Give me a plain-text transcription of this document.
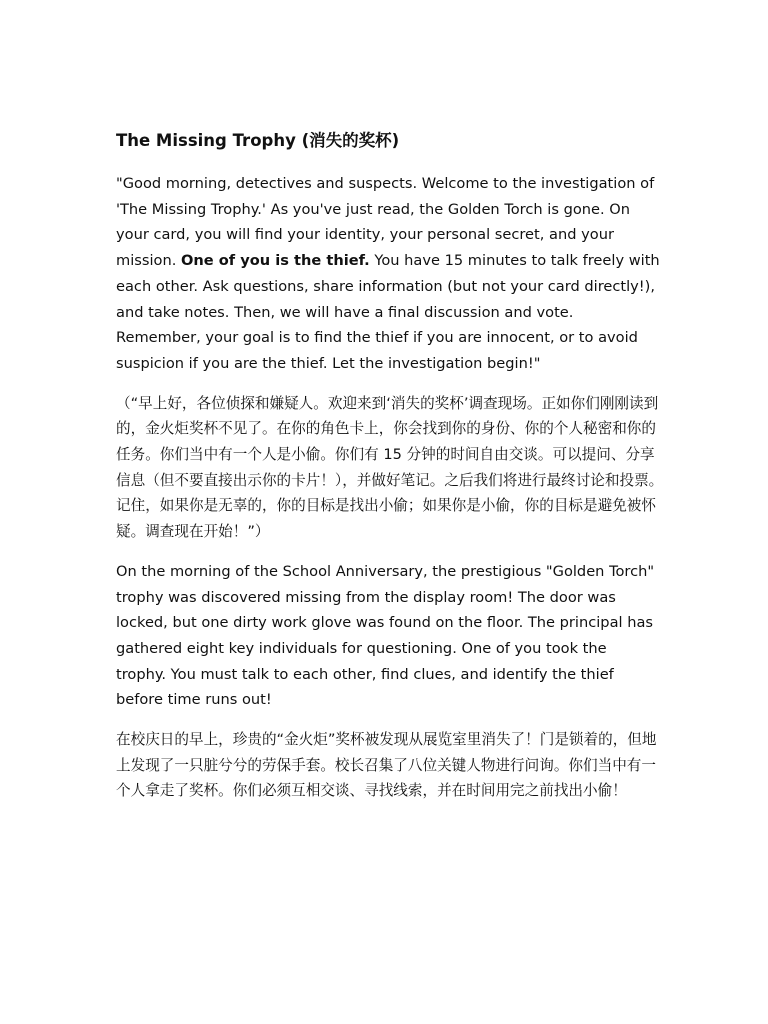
The Missing Trophy (消失的奖杯)

"Good morning, detectives and suspects. Welcome to the investigation of 'The Missing Trophy.' As you've just read, the Golden Torch is gone. On your card, you will find your identity, your personal secret, and your mission. One of you is the thief. You have 15 minutes to talk freely with each other. Ask questions, share information (but not your card directly!), and take notes. Then, we will have a final discussion and vote. Remember, your goal is to find the thief if you are innocent, or to avoid suspicion if you are the thief. Let the investigation begin!"

（“早上好，各位侦探和嫌疑人。欢迎来到‘消失的奖杯’调查现场。正如你们刚刚读到的，金火炬奖杯不见了。在你的角色卡上，你会找到你的身份、你的个人秘密和你的任务。你们当中有一个人是小偷。你们有 15 分钟的时间自由交谈。可以提问、分享信息（但不要直接出示你的卡片！），并做好笔记。之后我们将进行最终讨论和投票。记住，如果你是无辜的，你的目标是找出小偷；如果你是小偷，你的目标是避免被怀疑。调查现在开始！”）

On the morning of the School Anniversary, the prestigious "Golden Torch" trophy was discovered missing from the display room! The door was locked, but one dirty work glove was found on the floor. The principal has gathered eight key individuals for questioning. One of you took the trophy. You must talk to each other, find clues, and identify the thief before time runs out!

在校庆日的早上，珍贵的“金火炬”奖杯被发现从展览室里消失了！门是锁着的，但地上发现了一只脏兮兮的劳保手套。校长召集了八位关键人物进行问询。你们当中有一个人拿走了奖杯。你们必须互相交谈、寻找线索，并在时间用完之前找出小偷！
